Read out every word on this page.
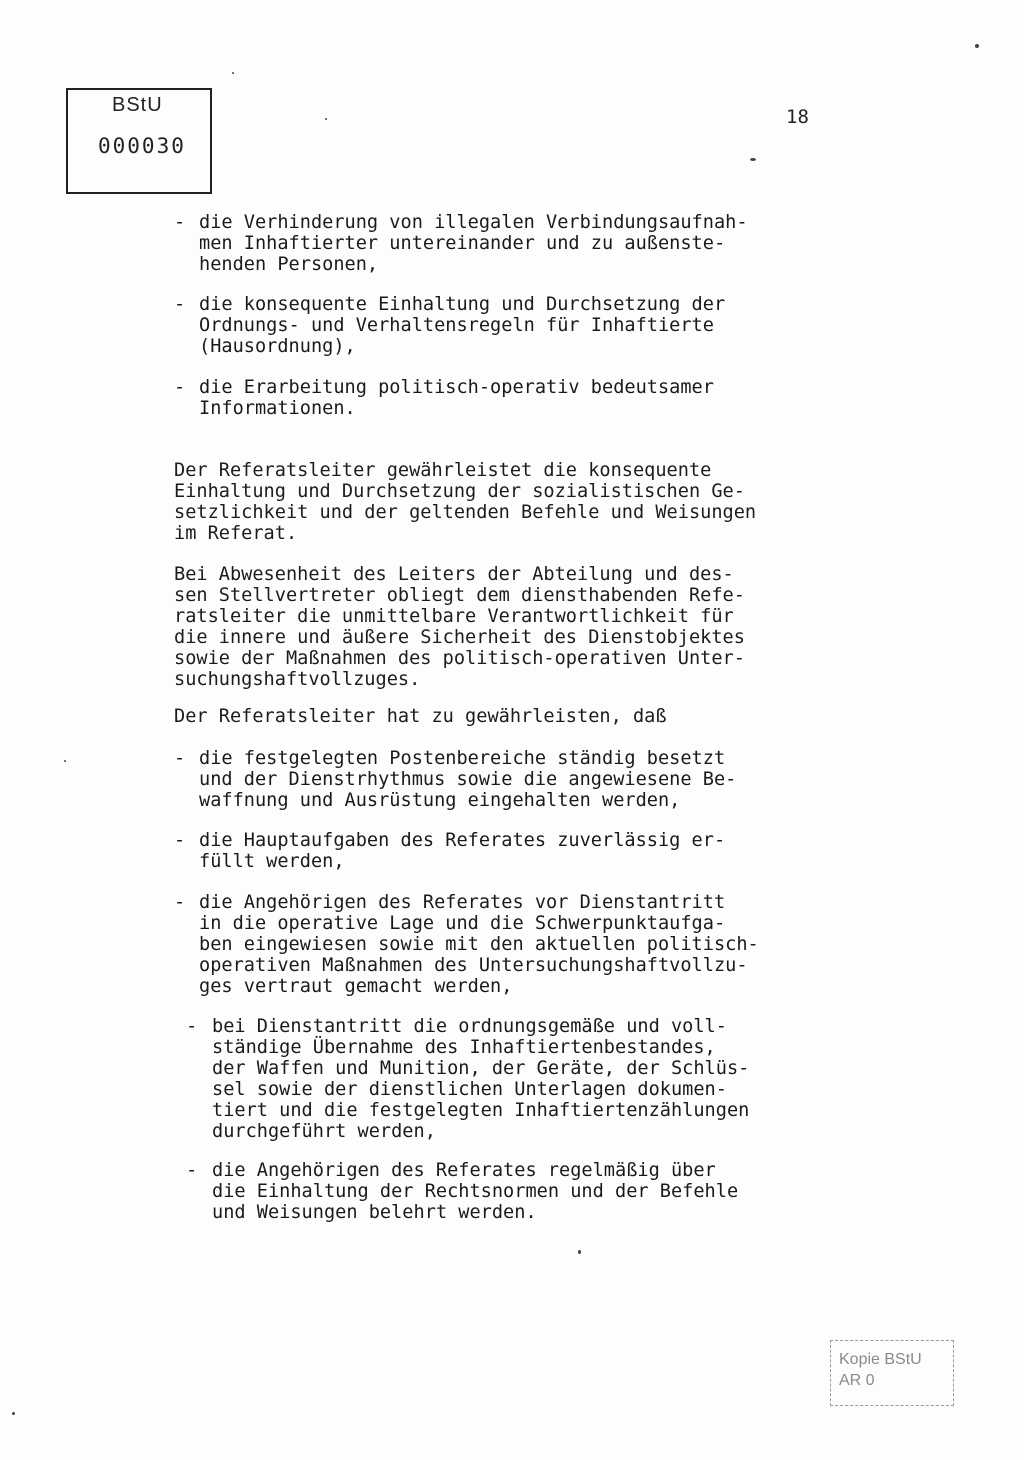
BStU
000030
18
- die Verhinderung von illegalen Verbindungsaufnah-
men Inhaftierter untereinander und zu außenste-
henden Personen,
- die konsequente Einhaltung und Durchsetzung der
Ordnungs- und Verhaltensregeln für Inhaftierte
(Hausordnung),
- die Erarbeitung politisch-operativ bedeutsamer
Informationen.
Der Referatsleiter gewährleistet die konsequente
Einhaltung und Durchsetzung der sozialistischen Ge-
setzlichkeit und der geltenden Befehle und Weisungen
im Referat.
Bei Abwesenheit des Leiters der Abteilung und des-
sen Stellvertreter obliegt dem diensthabenden Refe-
ratsleiter die unmittelbare Verantwortlichkeit für
die innere und äußere Sicherheit des Dienstobjektes
sowie der Maßnahmen des politisch-operativen Unter-
suchungshaftvollzuges.
Der Referatsleiter hat zu gewährleisten, daß
- die festgelegten Postenbereiche ständig besetzt
und der Dienstrhythmus sowie die angewiesene Be-
waffnung und Ausrüstung eingehalten werden,
- die Hauptaufgaben des Referates zuverlässig er-
füllt werden,
- die Angehörigen des Referates vor Dienstantritt
in die operative Lage und die Schwerpunktaufga-
ben eingewiesen sowie mit den aktuellen politisch-
operativen Maßnahmen des Untersuchungshaftvollzu-
ges vertraut gemacht werden,
- bei Dienstantritt die ordnungsgemäße und voll-
ständige Übernahme des Inhaftiertenbestandes,
der Waffen und Munition, der Geräte, der Schlüs-
sel sowie der dienstlichen Unterlagen dokumen-
tiert und die festgelegten Inhaftiertenzählungen
durchgeführt werden,
- die Angehörigen des Referates regelmäßig über
die Einhaltung der Rechtsnormen und der Befehle
und Weisungen belehrt werden.
Kopie BStU
AR 0
